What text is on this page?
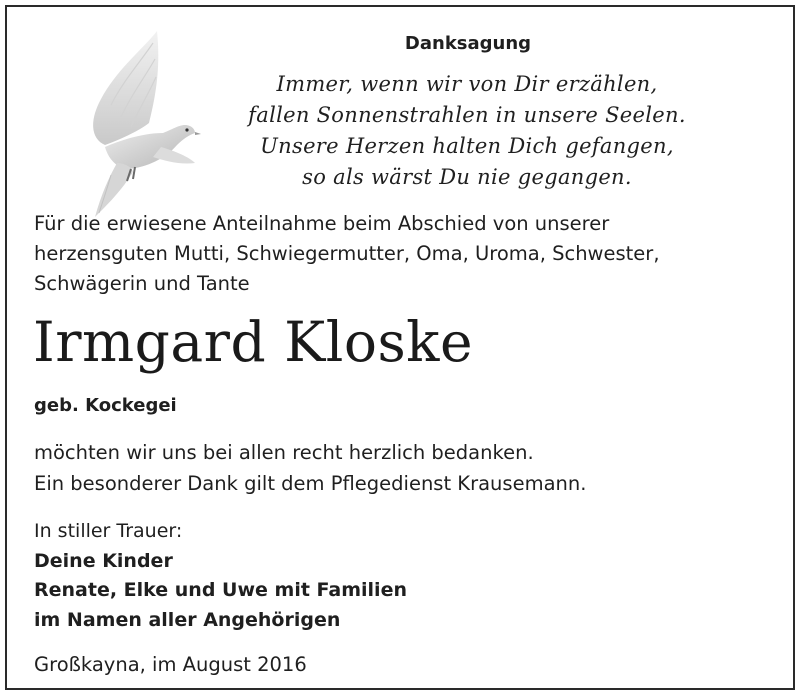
Danksagung
Immer, wenn wir von Dir erzählen,
fallen Sonnenstrahlen in unsere Seelen.
Unsere Herzen halten Dich gefangen,
so als wärst Du nie gegangen.
Für die erwiesene Anteilnahme beim Abschied von unserer
herzensguten Mutti, Schwiegermutter, Oma, Uroma, Schwester,
Schwägerin und Tante
Irmgard Kloske
geb. Kockegei
möchten wir uns bei allen recht herzlich bedanken.
Ein besonderer Dank gilt dem Pflegedienst Krausemann.
In stiller Trauer:
Deine Kinder
Renate, Elke und Uwe mit Familien
im Namen aller Angehörigen
Großkayna, im August 2016
